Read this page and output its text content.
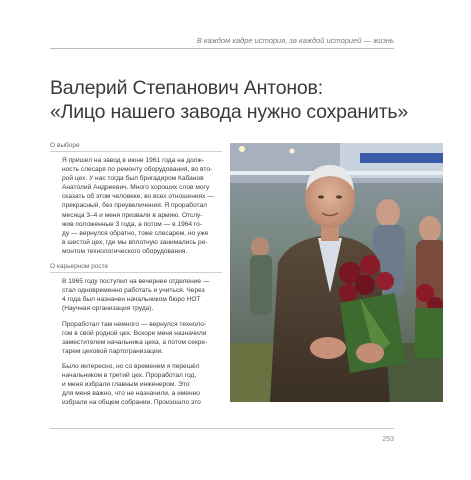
В каждом кадре история, за каждой историей — жизнь
Валерий Степанович Антонов:
«Лицо нашего завода нужно сохранить»
О выборе
Я пришел на завод в июне 1961 года на долж-
ность слесаря по ремонту оборудования, во вто-
рой цех. У нас тогда был бригадиром Кабанов
Анатолий Андреевич. Много хороших слов могу
сказать об этом человеке, во всех отношениях —
прекрасный, без преувеличения. Я проработал
месяца 3–4 и меня призвали в армию. Отслу-
жив положенные 3 года, а потом — в 1964 го-
ду — вернулся обратно, тоже слесарем, но уже
в шестой цех, где мы вплотную занимались ре-
монтом технологического оборудования.
О карьерном росте
В 1965 году поступил на вечернее отделение —
стал одновременно работать и учиться. Через
4 года был назначен начальником бюро НОТ
(Научная организация труда).
Проработал там немного — вернулся техноло-
гом в свой родной цех. Вскоре меня назначили
заместителем начальника цеха, а потом секре-
тарем цеховой партогранизации.
Было интересно, но со временем я перешёл
начальником в третий цех. Проработал год,
и меня избрали главным инженером. Это
для меня важно, что не назначили, а именно
избрали на общем собрании. Произошло это
253
